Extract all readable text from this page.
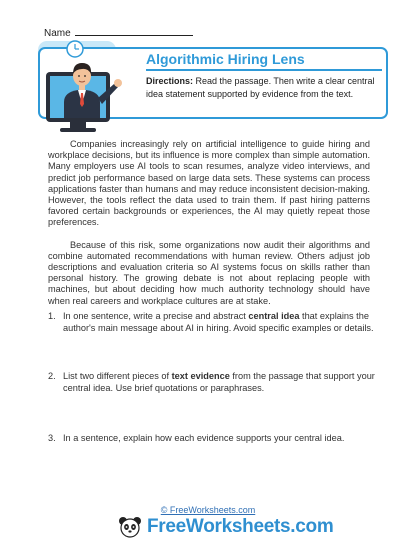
Name
Algorithmic Hiring Lens
Directions: Read the passage. Then write a clear central idea statement supported by evidence from the text.

Companies increasingly rely on artificial intelligence to guide hiring and workplace decisions, but its influence is more complex than simple automation. Many employers use AI tools to scan resumes, analyze video interviews, and predict job performance based on large data sets. These systems can process applications faster than humans and may reduce inconsistent decision-making. However, the tools reflect the data used to train them. If past hiring patterns favored certain backgrounds or experiences, the AI may quietly repeat those preferences.

Because of this risk, some organizations now audit their algorithms and combine automated recommendations with human review. Others adjust job descriptions and evaluation criteria so AI systems focus on skills rather than personal history. The growing debate is not about replacing people with machines, but about deciding how much authority technology should have when real careers and workplace cultures are at stake.

1. In one sentence, write a precise and abstract central idea that explains the author's main message about AI in hiring. Avoid specific examples or details.
2. List two different pieces of text evidence from the passage that support your central idea. Use brief quotations or paraphrases.
3. In a sentence, explain how each evidence supports your central idea.
© FreeWorksheets.com
FreeWorksheets.com
